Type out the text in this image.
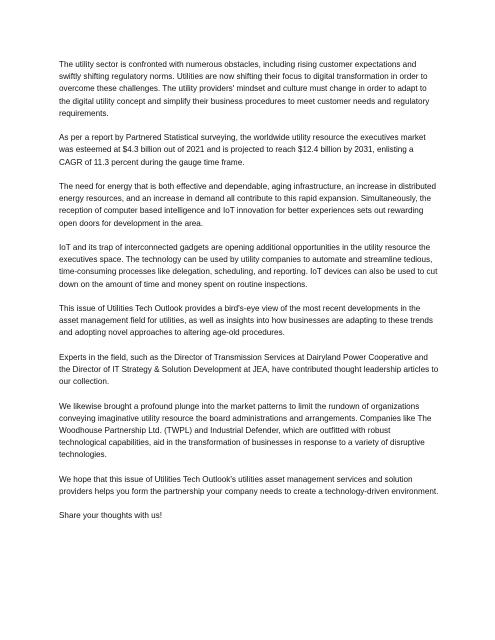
The utility sector is confronted with numerous obstacles, including rising customer expectations and swiftly shifting regulatory norms. Utilities are now shifting their focus to digital transformation in order to overcome these challenges. The utility providers' mindset and culture must change in order to adapt to the digital utility concept and simplify their business procedures to meet customer needs and regulatory requirements.

As per a report by Partnered Statistical surveying, the worldwide utility resource the executives market was esteemed at $4.3 billion out of 2021 and is projected to reach $12.4 billion by 2031, enlisting a CAGR of 11.3 percent during the gauge time frame.

The need for energy that is both effective and dependable, aging infrastructure, an increase in distributed energy resources, and an increase in demand all contribute to this rapid expansion. Simultaneously, the reception of computer based intelligence and IoT innovation for better experiences sets out rewarding open doors for development in the area.

IoT and its trap of interconnected gadgets are opening additional opportunities in the utility resource the executives space. The technology can be used by utility companies to automate and streamline tedious, time-consuming processes like delegation, scheduling, and reporting. IoT devices can also be used to cut down on the amount of time and money spent on routine inspections.

This issue of Utilities Tech Outlook provides a bird's-eye view of the most recent developments in the asset management field for utilities, as well as insights into how businesses are adapting to these trends and adopting novel approaches to altering age-old procedures.

Experts in the field, such as the Director of Transmission Services at Dairyland Power Cooperative and the Director of IT Strategy & Solution Development at JEA, have contributed thought leadership articles to our collection.

We likewise brought a profound plunge into the market patterns to limit the rundown of organizations conveying imaginative utility resource the board administrations and arrangements. Companies like The Woodhouse Partnership Ltd. (TWPL) and Industrial Defender, which are outfitted with robust technological capabilities, aid in the transformation of businesses in response to a variety of disruptive technologies.

We hope that this issue of Utilities Tech Outlook's utilities asset management services and solution providers helps you form the partnership your company needs to create a technology-driven environment.

Share your thoughts with us!
